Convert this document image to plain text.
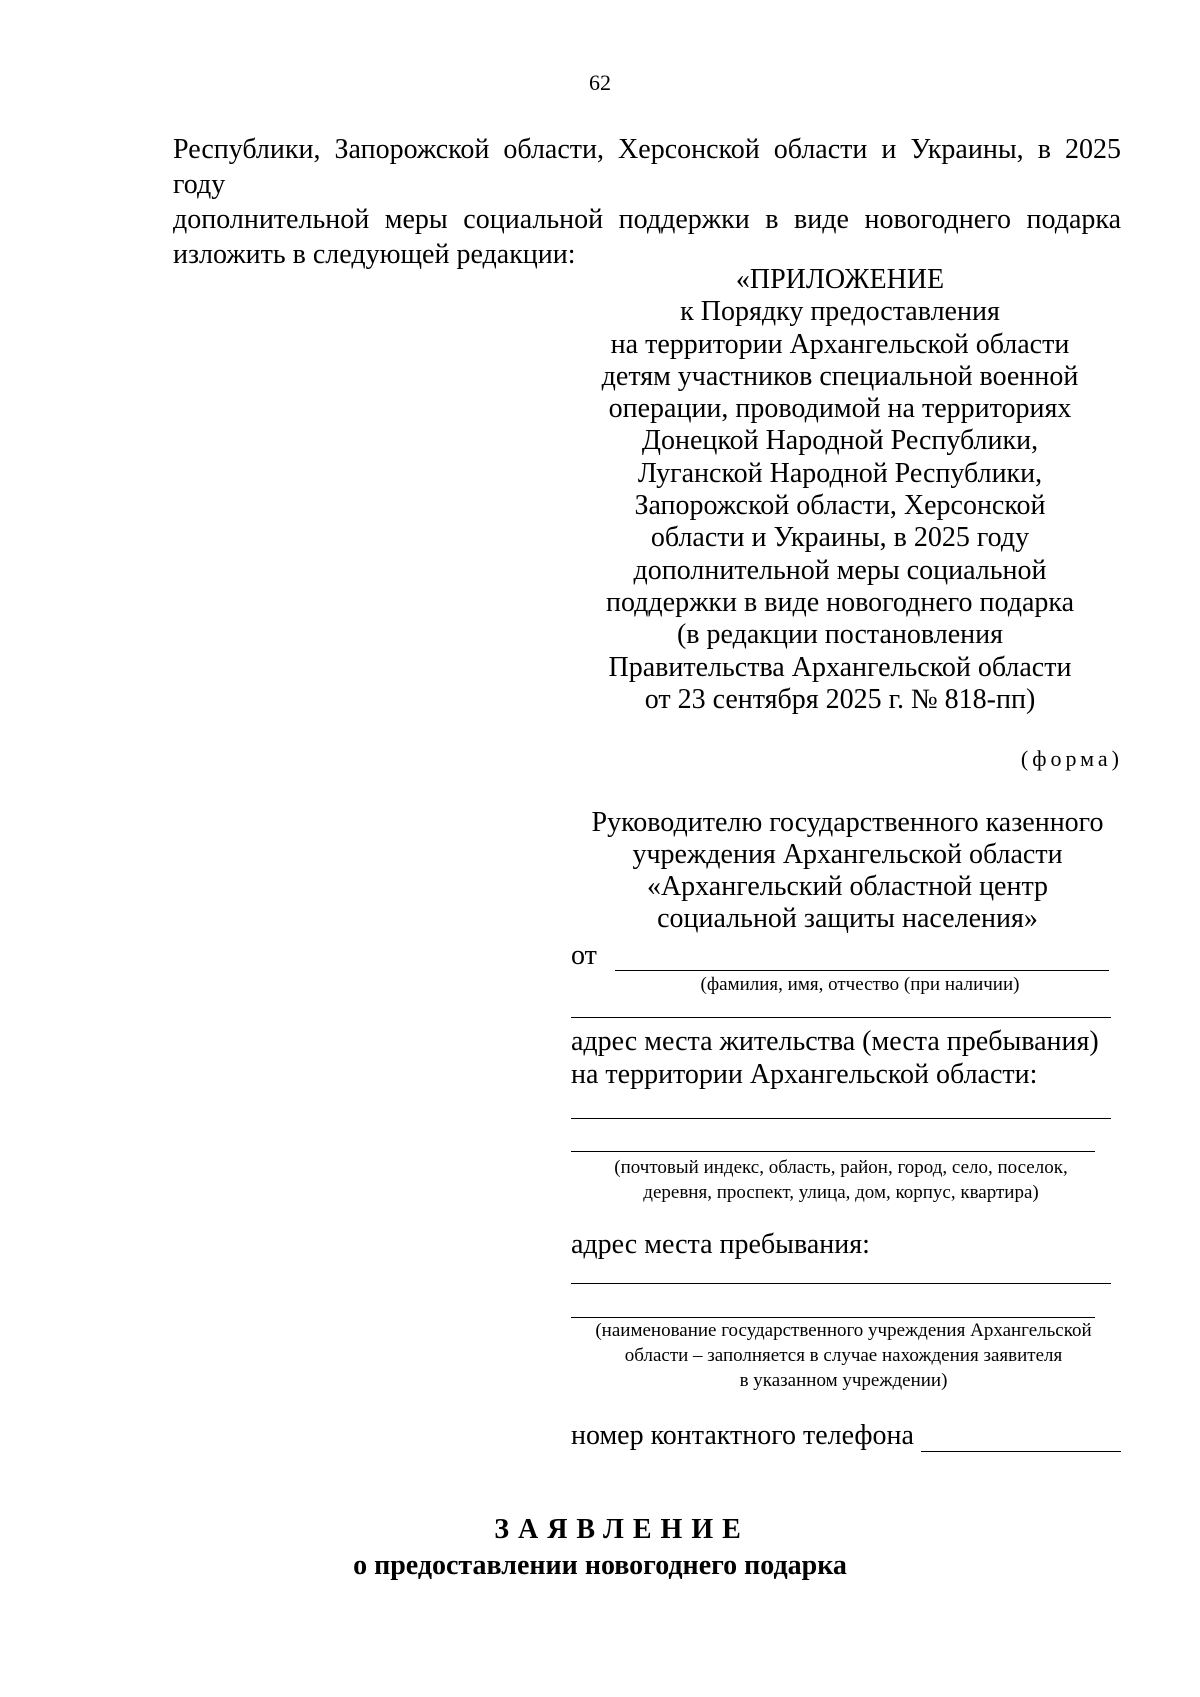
62
Республики, Запорожской области, Херсонской области и Украины, в 2025 году
дополнительной меры социальной поддержки в виде новогоднего подарка
изложить в следующей редакции:
«ПРИЛОЖЕНИЕ
к Порядку предоставления
на территории Архангельской области
детям участников специальной военной
операции, проводимой на территориях
Донецкой Народной Республики,
Луганской Народной Республики,
Запорожской области, Херсонской
области и Украины, в 2025 году
дополнительной меры социальной
поддержки в виде новогоднего подарка
(в редакции постановления
Правительства Архангельской области
от 23 сентября 2025 г. № 818-пп)
(форма)
Руководителю государственного казенного
учреждения Архангельской области
«Архангельский областной центр
социальной защиты населения»
от
(фамилия, имя, отчество (при наличии)
адрес места жительства (места пребывания)
на территории Архангельской области:
(почтовый индекс, область, район, город, село, поселок,
деревня, проспект, улица, дом, корпус, квартира)
адрес места пребывания:
(наименование государственного учреждения Архангельской
области – заполняется в случае нахождения заявителя
в указанном учреждении)
номер контактного телефона
ЗАЯВЛЕНИЕ
о предоставлении новогоднего подарка
